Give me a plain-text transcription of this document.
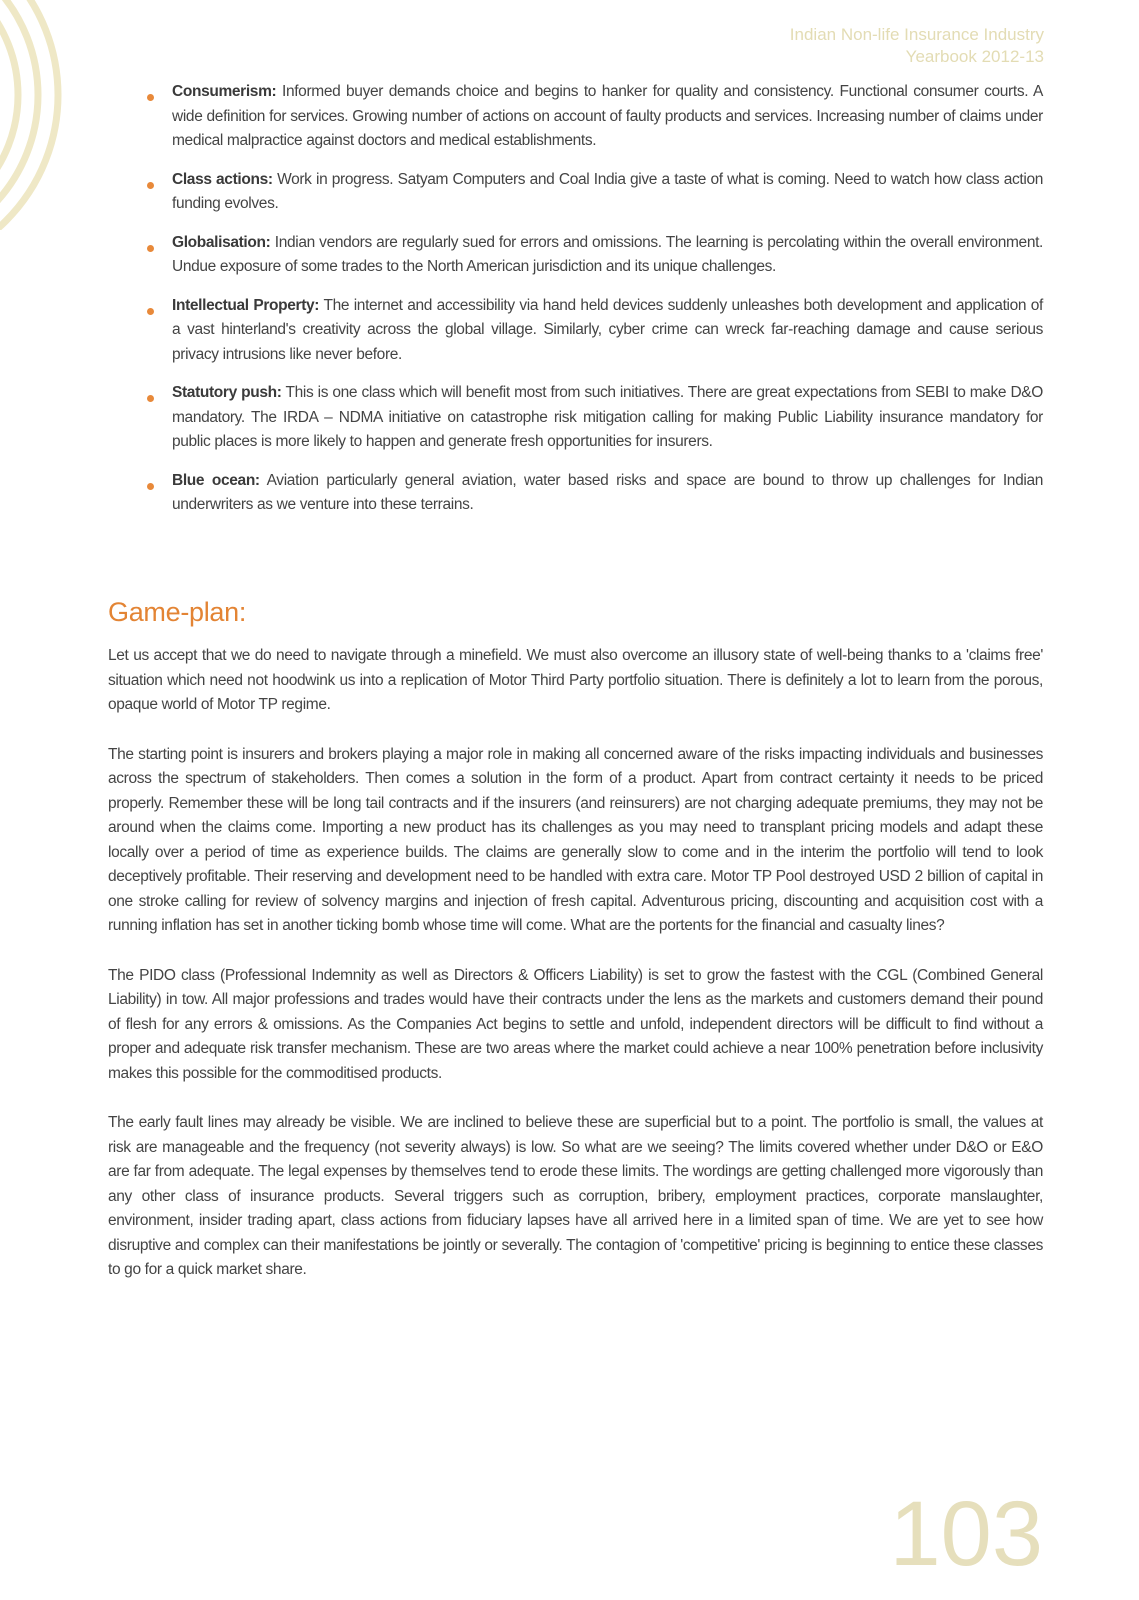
Indian Non-life Insurance Industry
Yearbook 2012-13
Consumerism: Informed buyer demands choice and begins to hanker for quality and consistency. Functional consumer courts. A wide definition for services. Growing number of actions on account of faulty products and services. Increasing number of claims under medical malpractice against doctors and medical establishments.
Class actions: Work in progress. Satyam Computers and Coal India give a taste of what is coming. Need to watch how class action funding evolves.
Globalisation: Indian vendors are regularly sued for errors and omissions. The learning is percolating within the overall environment. Undue exposure of some trades to the North American jurisdiction and its unique challenges.
Intellectual Property: The internet and accessibility via hand held devices suddenly unleashes both development and application of a vast hinterland's creativity across the global village. Similarly, cyber crime can wreck far-reaching damage and cause serious privacy intrusions like never before.
Statutory push: This is one class which will benefit most from such initiatives. There are great expectations from SEBI to make D&O mandatory. The IRDA – NDMA initiative on catastrophe risk mitigation calling for making Public Liability insurance mandatory for public places is more likely to happen and generate fresh opportunities for insurers.
Blue ocean: Aviation particularly general aviation, water based risks and space are bound to throw up challenges for Indian underwriters as we venture into these terrains.
Game-plan:

Let us accept that we do need to navigate through a minefield. We must also overcome an illusory state of well-being thanks to a 'claims free' situation which need not hoodwink us into a replication of Motor Third Party portfolio situation. There is definitely a lot to learn from the porous, opaque world of Motor TP regime.

The starting point is insurers and brokers playing a major role in making all concerned aware of the risks impacting individuals and businesses across the spectrum of stakeholders. Then comes a solution in the form of a product. Apart from contract certainty it needs to be priced properly. Remember these will be long tail contracts and if the insurers (and reinsurers) are not charging adequate premiums, they may not be around when the claims come. Importing a new product has its challenges as you may need to transplant pricing models and adapt these locally over a period of time as experience builds. The claims are generally slow to come and in the interim the portfolio will tend to look deceptively profitable. Their reserving and development need to be handled with extra care. Motor TP Pool destroyed USD 2 billion of capital in one stroke calling for review of solvency margins and injection of fresh capital. Adventurous pricing, discounting and acquisition cost with a running inflation has set in another ticking bomb whose time will come. What are the portents for the financial and casualty lines?

The PIDO class (Professional Indemnity as well as Directors & Officers Liability) is set to grow the fastest with the CGL (Combined General Liability) in tow. All major professions and trades would have their contracts under the lens as the markets and customers demand their pound of flesh for any errors & omissions. As the Companies Act begins to settle and unfold, independent directors will be difficult to find without a proper and adequate risk transfer mechanism. These are two areas where the market could achieve a near 100% penetration before inclusivity makes this possible for the commoditised products.

The early fault lines may already be visible. We are inclined to believe these are superficial but to a point. The portfolio is small, the values at risk are manageable and the frequency (not severity always) is low. So what are we seeing? The limits covered whether under D&O or E&O are far from adequate. The legal expenses by themselves tend to erode these limits. The wordings are getting challenged more vigorously than any other class of insurance products. Several triggers such as corruption, bribery, employment practices, corporate manslaughter, environment, insider trading apart, class actions from fiduciary lapses have all arrived here in a limited span of time. We are yet to see how disruptive and complex can their manifestations be jointly or severally. The contagion of 'competitive' pricing is beginning to entice these classes to go for a quick market share.

103
